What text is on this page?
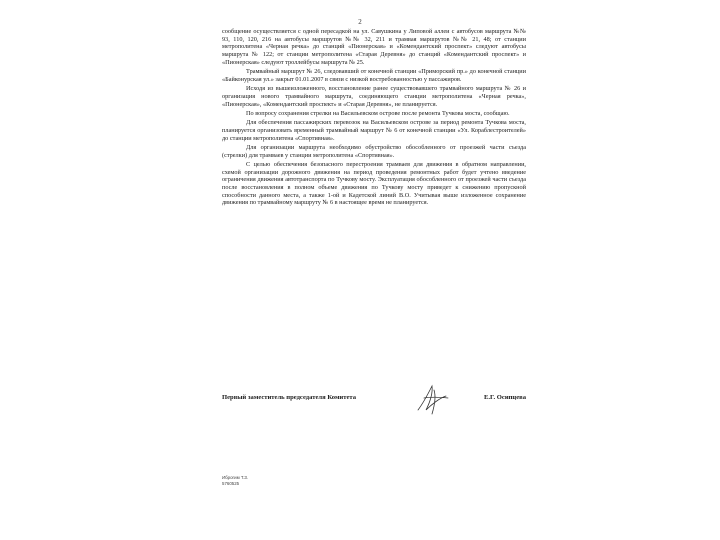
2

сообщение осуществляется с одной пересадкой на ул. Савушкина у Липовой аллеи с автобусов маршрута №№ 93, 110, 120, 216 на автобусы маршрутов №№ 32, 211 и трамвая маршрутов №№ 21, 48; от станции метрополитена «Черная речка» до станций «Пионерская» и «Комендантский проспект» следуют автобусы маршрута № 122; от станции метрополитена «Старая Деревня» до станций «Комендантский проспект» и «Пионерская» следуют троллейбусы маршрута № 25.

Трамвайный маршрут № 26, следовавший от конечной станции «Приморский пр.» до конечной станции «Байконурская ул.» закрыт 01.01.2007 в связи с низкой востребованностью у пассажиров.

Исходя из вышеизложенного, восстановление ранее существовавшего трамвайного маршрута № 26 и организация нового трамвайного маршрута, соединяющего станции метрополитена «Черная речка», «Пионерская», «Комендантский проспект» и «Старая Деревня», не планируется.

По вопросу сохранения стрелки на Васильевском острове после ремонта Тучкова моста, сообщаю.

Для обеспечения пассажирских перевозок на Васильевском острове за период ремонта Тучкова моста, планируется организовать временный трамвайный маршрут № 6 от конечной станции «Ул. Кораблестроителей» до станции метрополитена «Спортивная».

Для организации маршрута необходимо обустройство обособленного от проезжей части съезда (стрелки) для трамваев у станции метрополитена «Спортивная».

С целью обеспечения безопасного перестроения трамваев для движения в обратном направлении, схемой организации дорожного движения на период проведения ремонтных работ будет учтено введение ограничения движения автотранспорта по Тучкову мосту. Эксплуатация обособленного от проезжей части съезда после восстановления в полном объеме движения по Тучкову мосту приведет к снижению пропускной способности данного места, а также 1-ой и Кадетской линий В.О. Учитывая выше изложенное сохранение движения по трамвайному маршруту № 6 в настоящее время не планируется.

Первый заместитель председателя Комитета	Е.Г. Осипцева
Иброгим Т.З.
5760525
